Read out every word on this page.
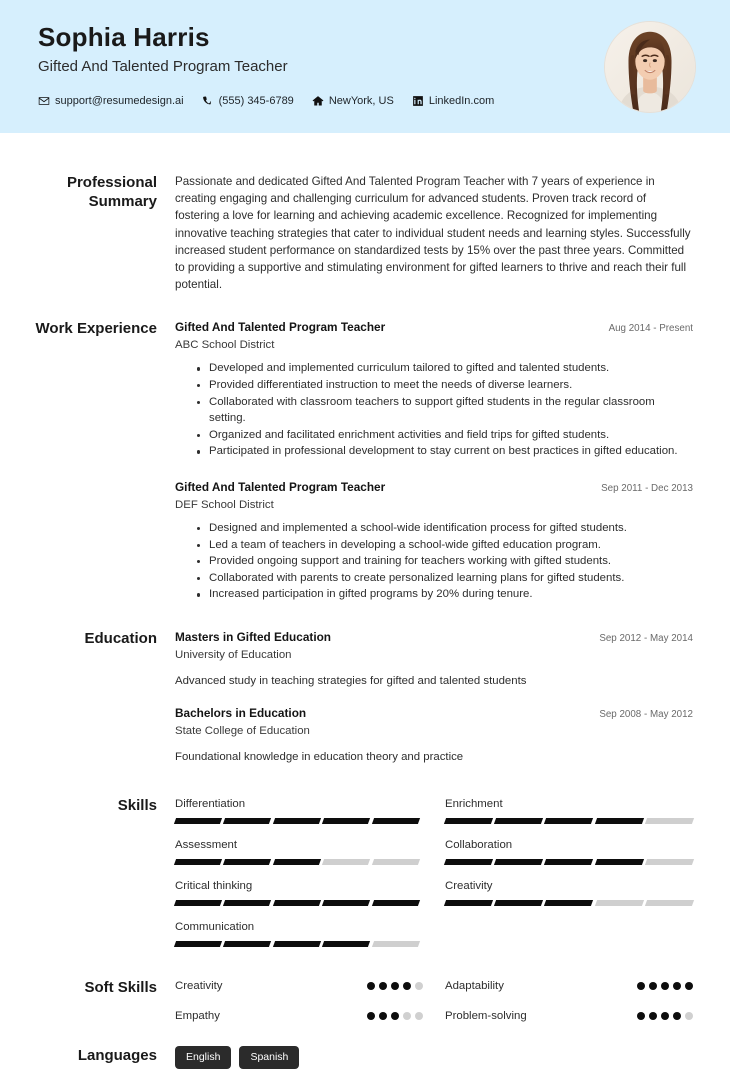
Sophia Harris
Gifted And Talented Program Teacher
support@resumedesign.ai	(555) 345-6789	NewYork, US	LinkedIn.com
Professional Summary
Passionate and dedicated Gifted And Talented Program Teacher with 7 years of experience in creating engaging and challenging curriculum for advanced students. Proven track record of fostering a love for learning and achieving academic excellence. Recognized for implementing innovative teaching strategies that cater to individual student needs and learning styles. Successfully increased student performance on standardized tests by 15% over the past three years. Committed to providing a supportive and stimulating environment for gifted learners to thrive and reach their full potential.
Work Experience Gifted And Talented Program Teacher	Aug 2014 - Present
ABC School District
Developed and implemented curriculum tailored to gifted and talented students.
Provided differentiated instruction to meet the needs of diverse learners.
Collaborated with classroom teachers to support gifted students in the regular classroom setting.
Organized and facilitated enrichment activities and field trips for gifted students.
Participated in professional development to stay current on best practices in gifted education.
Gifted And Talented Program Teacher	Sep 2011 - Dec 2013
DEF School District
Designed and implemented a school-wide identification process for gifted students.
Led a team of teachers in developing a school-wide gifted education program.
Provided ongoing support and training for teachers working with gifted students.
Collaborated with parents to create personalized learning plans for gifted students.
Increased participation in gifted programs by 20% during tenure.
Education Masters in Gifted Education	Sep 2012 - May 2014
University of Education
Advanced study in teaching strategies for gifted and talented students
Bachelors in Education	Sep 2008 - May 2012
State College of Education
Foundational knowledge in education theory and practice
Skills Differentiation	Enrichment
Assessment	Collaboration
Critical thinking	Creativity
Communication
Soft Skills Creativity	Adaptability
Empathy	Problem-solving
Languages	English	Spanish
